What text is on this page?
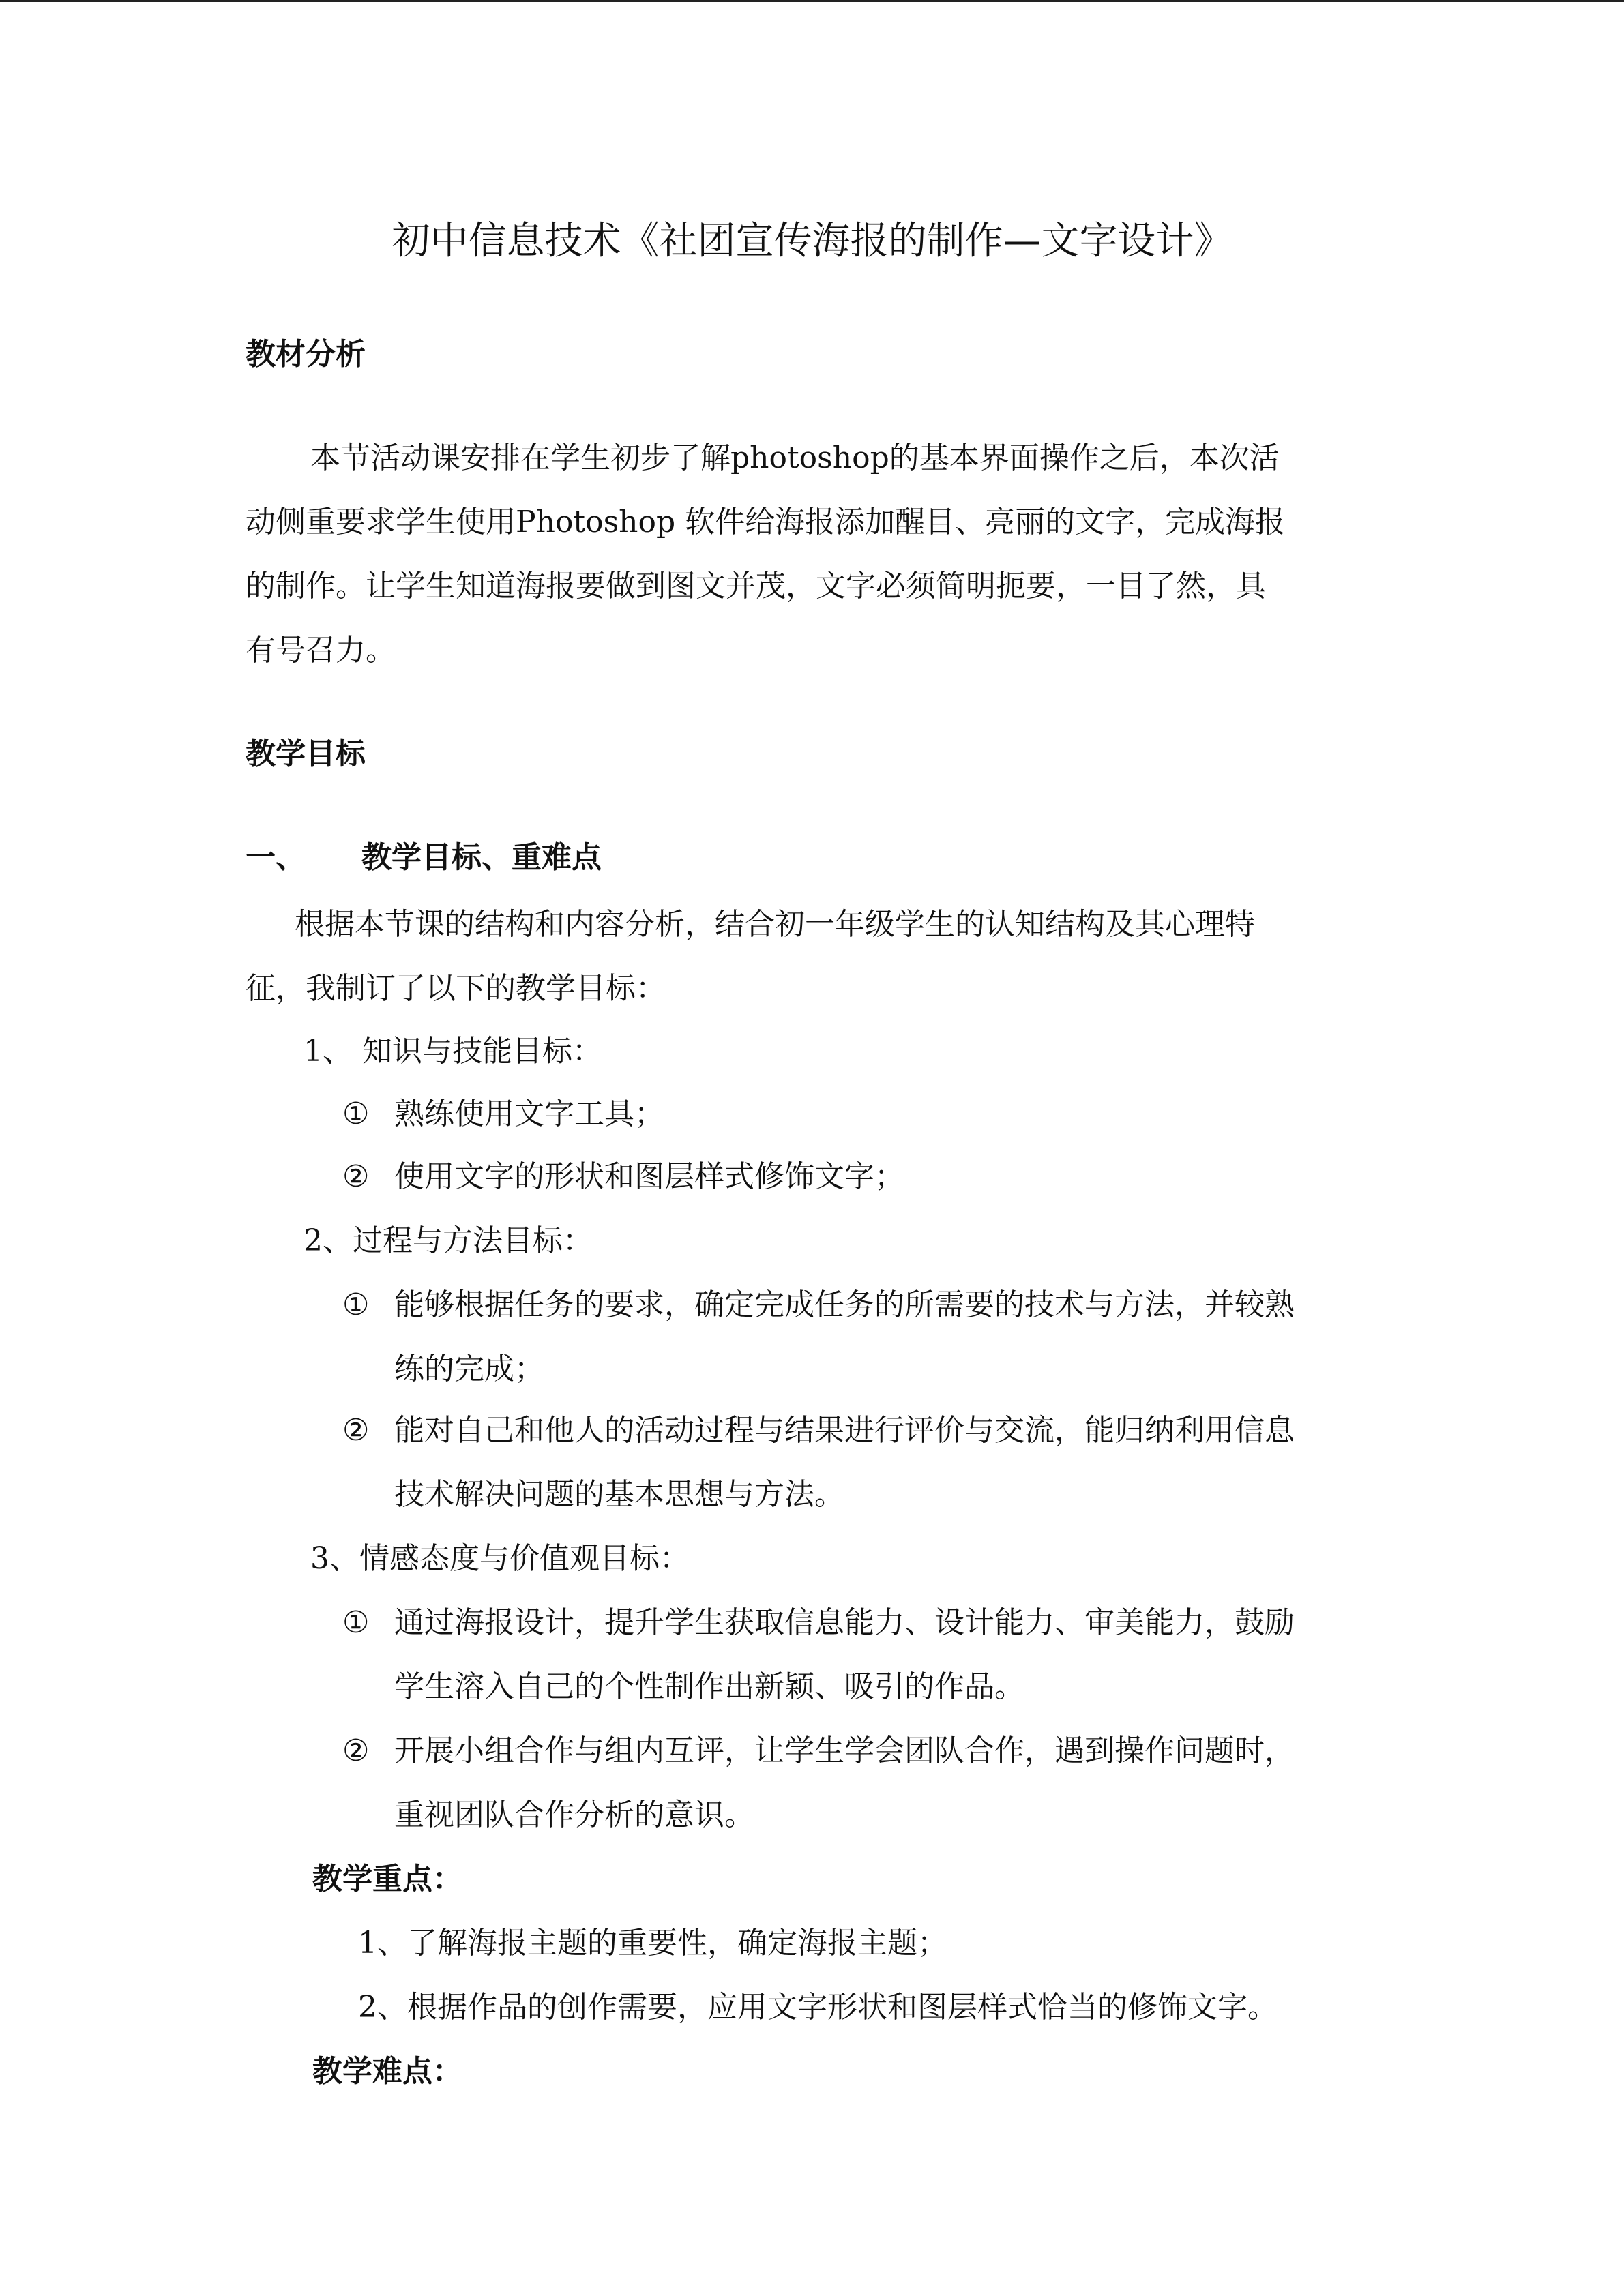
初中信息技术《社团宣传海报的制作—文字设计》
教材分析
本节活动课安排在学生初步了解photoshop的基本界面操作之后，本次活
动侧重要求学生使用Photoshop 软件给海报添加醒目、亮丽的文字，完成海报
的制作。让学生知道海报要做到图文并茂，文字必须简明扼要，一目了然，具
有号召力。
教学目标
一、 教学目标、重难点
根据本节课的结构和内容分析，结合初一年级学生的认知结构及其心理特
征，我制订了以下的教学目标：
1、 知识与技能目标：
① 熟练使用文字工具；
② 使用文字的形状和图层样式修饰文字；
2、过程与方法目标：
① 能够根据任务的要求，确定完成任务的所需要的技术与方法，并较熟
练的完成；
② 能对自己和他人的活动过程与结果进行评价与交流，能归纳利用信息
技术解决问题的基本思想与方法。
3、情感态度与价值观目标：
① 通过海报设计，提升学生获取信息能力、设计能力、审美能力，鼓励
学生溶入自己的个性制作出新颖、吸引的作品。
② 开展小组合作与组内互评，让学生学会团队合作，遇到操作问题时，
重视团队合作分析的意识。
教学重点：
1、了解海报主题的重要性，确定海报主题；
2、根据作品的创作需要，应用文字形状和图层样式恰当的修饰文字。
教学难点：
